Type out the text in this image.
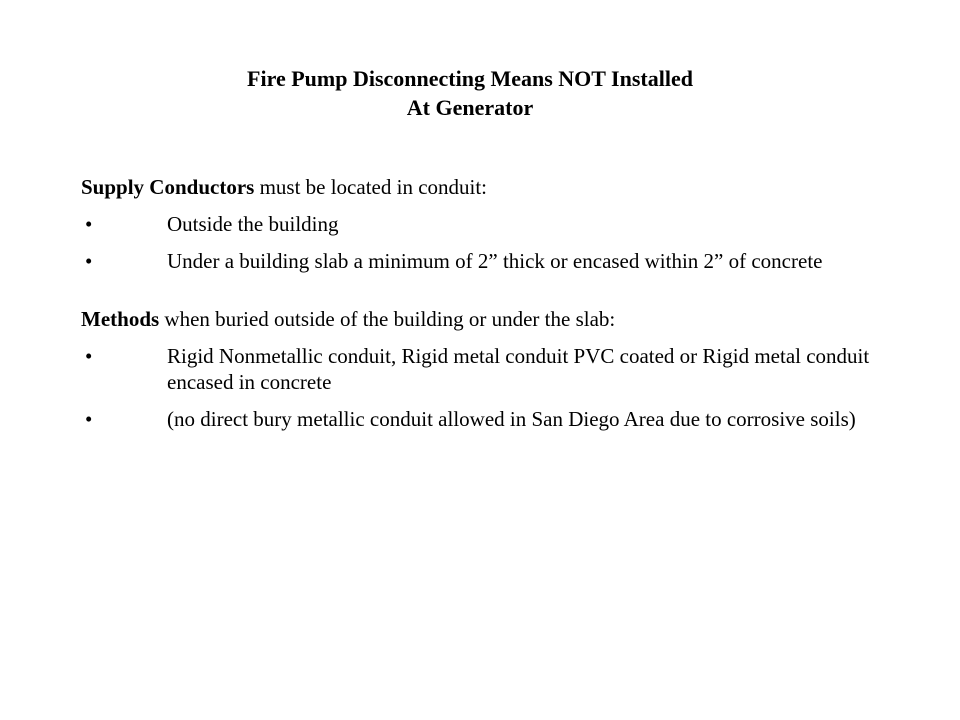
Fire Pump Disconnecting Means NOT Installed
At Generator

Supply Conductors must be located in conduit:

•	Outside the building
•	Under a building slab a minimum of 2” thick or encased within 2” of concrete

Methods when buried outside of the building or under the slab:

•	Rigid Nonmetallic conduit, Rigid metal conduit PVC coated or Rigid metal conduit encased in concrete
•	(no direct bury metallic conduit allowed in San Diego Area due to corrosive soils)
